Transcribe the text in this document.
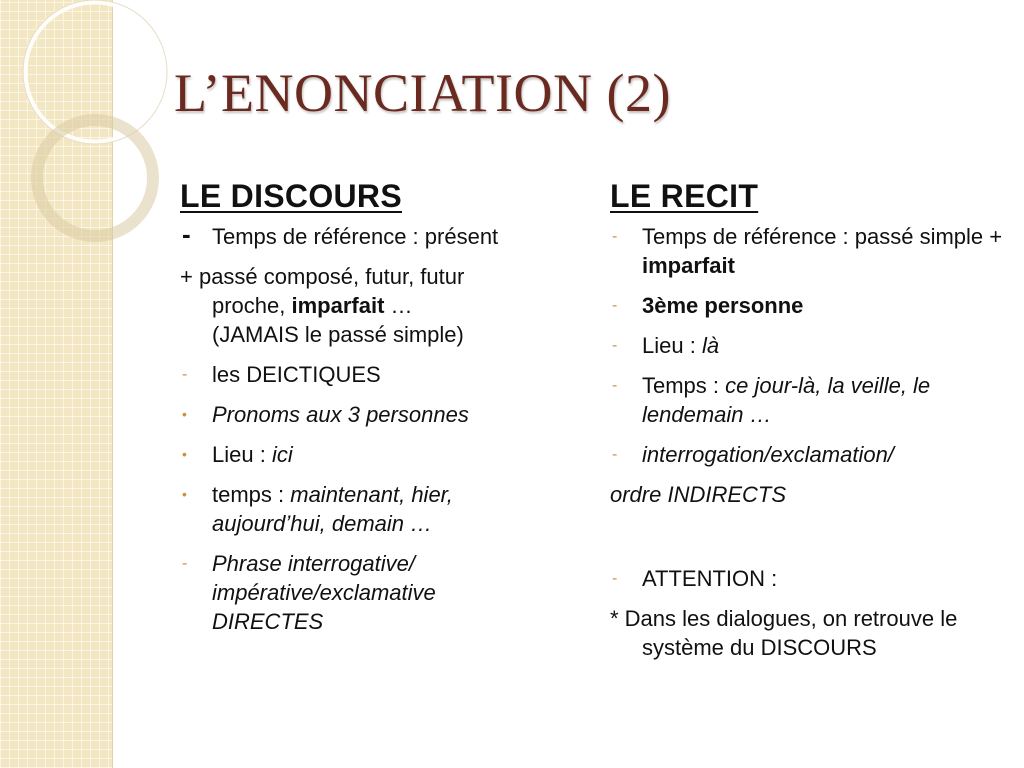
L’ENONCIATION (2)
LE DISCOURS
- Temps de référence : présent
+ passé composé, futur, futur
proche, imparfait …
(JAMAIS le passé simple)
-	les DEICTIQUES
•	Pronoms aux 3 personnes
•	Lieu : ici
•	temps : maintenant, hier, aujourd’hui, demain …
-	Phrase interrogative/
impérative/exclamative
DIRECTES
LE RECIT
-	Temps de référence : passé simple + imparfait
-	3ème personne
-	Lieu : là
-	Temps : ce jour-là, la veille, le lendemain …
-	interrogation/exclamation/
ordre INDIRECTS
-	ATTENTION :
* Dans les dialogues, on retrouve le système du DISCOURS
